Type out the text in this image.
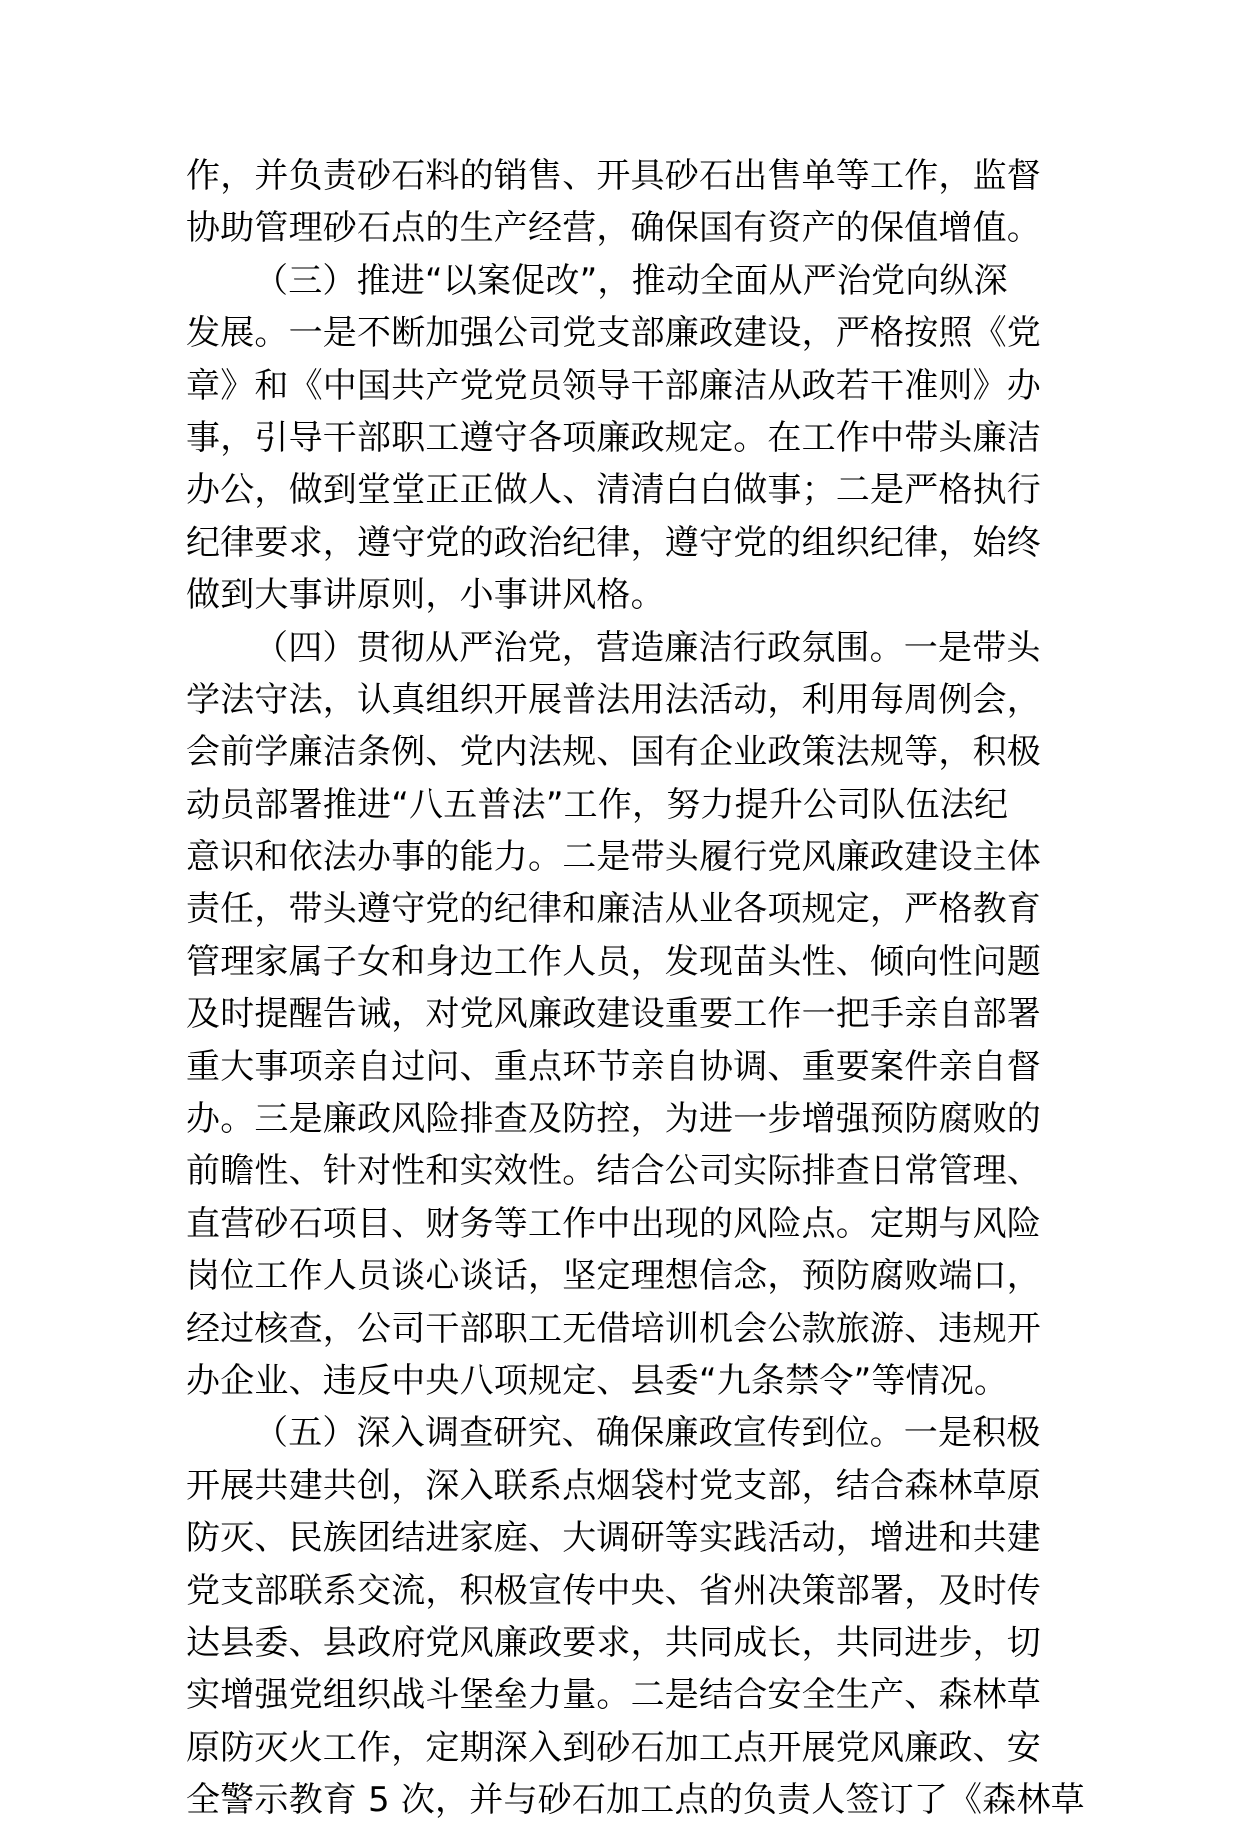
作，并负责砂石料的销售、开具砂石出售单等工作，监督
协助管理砂石点的生产经营，确保国有资产的保值增值。
（三）推进“以案促改”，推动全面从严治党向纵深
发展。一是不断加强公司党支部廉政建设，严格按照《党
章》和《中国共产党党员领导干部廉洁从政若干准则》办
事，引导干部职工遵守各项廉政规定。在工作中带头廉洁
办公，做到堂堂正正做人、清清白白做事；二是严格执行
纪律要求，遵守党的政治纪律，遵守党的组织纪律，始终
做到大事讲原则，小事讲风格。
（四）贯彻从严治党，营造廉洁行政氛围。一是带头
学法守法，认真组织开展普法用法活动，利用每周例会，
会前学廉洁条例、党内法规、国有企业政策法规等，积极
动员部署推进“八五普法”工作，努力提升公司队伍法纪
意识和依法办事的能力。二是带头履行党风廉政建设主体
责任，带头遵守党的纪律和廉洁从业各项规定，严格教育
管理家属子女和身边工作人员，发现苗头性、倾向性问题
及时提醒告诫，对党风廉政建设重要工作一把手亲自部署
重大事项亲自过问、重点环节亲自协调、重要案件亲自督
办。三是廉政风险排查及防控，为进一步增强预防腐败的
前瞻性、针对性和实效性。结合公司实际排查日常管理、
直营砂石项目、财务等工作中出现的风险点。定期与风险
岗位工作人员谈心谈话，坚定理想信念，预防腐败端口，
经过核查，公司干部职工无借培训机会公款旅游、违规开
办企业、违反中央八项规定、县委“九条禁令”等情况。
（五）深入调查研究、确保廉政宣传到位。一是积极
开展共建共创，深入联系点烟袋村党支部，结合森林草原
防灭、民族团结进家庭、大调研等实践活动，增进和共建
党支部联系交流，积极宣传中央、省州决策部署，及时传
达县委、县政府党风廉政要求，共同成长，共同进步，切
实增强党组织战斗堡垒力量。二是结合安全生产、森林草
原防灭火工作，定期深入到砂石加工点开展党风廉政、安
全警示教育 5 次，并与砂石加工点的负责人签订了《森林草
